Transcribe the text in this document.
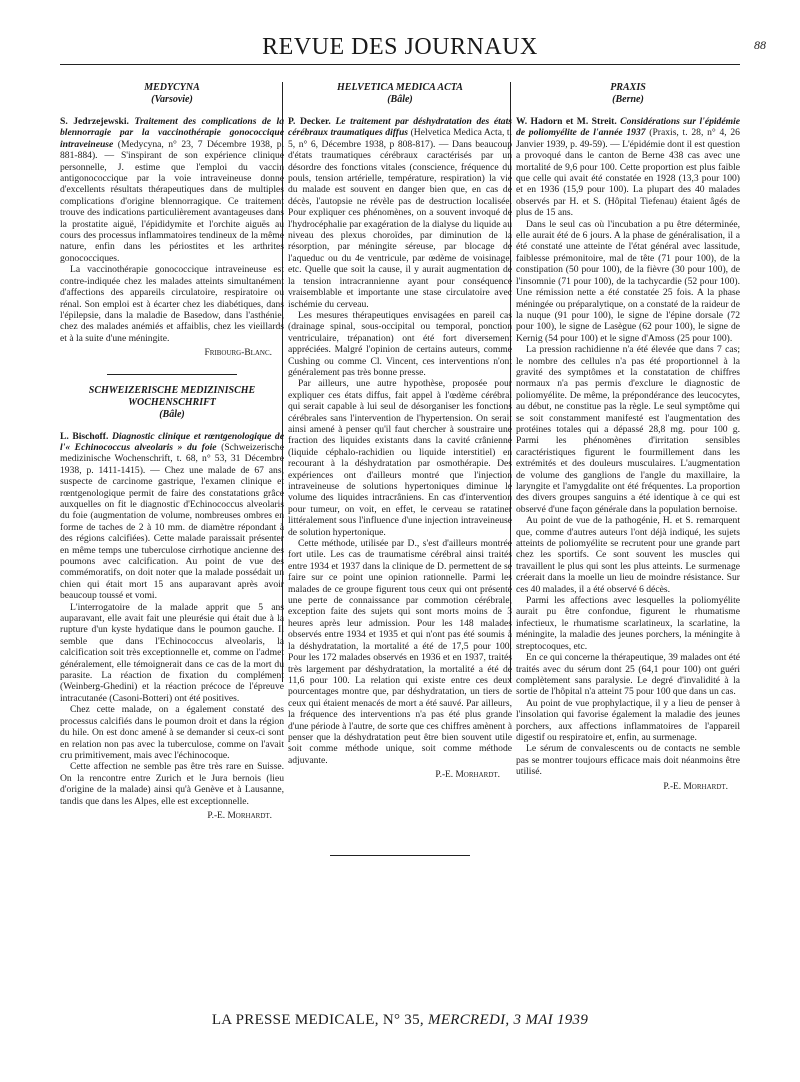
REVUE DES JOURNAUX	88
MEDYCYNA
(Varsovie)

S. Jedrzejewski. Traitement des complications de la blennorragie par la vaccinothérapie gonococcique intraveineuse (Medycyna, n° 23, 7 Décembre 1938, p. 881-884). — S'inspirant de son expérience clinique personnelle, J. estime que l'emploi du vaccin antigonococcique par la voie intraveineuse donne d'excellents résultats thérapeutiques dans de multiples complications d'origine blennorragique. Ce traitement trouve des indications particulièrement avantageuses dans la prostatite aiguë, l'épididymite et l'orchite aiguës au cours des processus inflammatoires tendineux de la même nature, enfin dans les périostites et les arthrites gonococciques.

La vaccinothérapie gonococcique intraveineuse est contre-indiquée chez les malades atteints simultanément d'affections des appareils circulatoire, respiratoire ou rénal. Son emploi est à écarter chez les diabétiques, dans l'épilepsie, dans la maladie de Basedow, dans l'asthénie, chez des malades anémiés et affaiblis, chez les vieillards et à la suite d'une méningite.

Fribourg-Blanc.
SCHWEIZERISCHE MEDIZINISCHE WOCHENSCHRIFT
(Bâle)

L. Bischoff. Diagnostic clinique et rœntgenologique de l'« Echinococcus alveolaris » du foie (Schweizerische medizinische Wochenschrift, t. 68, n° 53, 31 Décembre 1938, p. 1411-1415). — Chez une malade de 67 ans, suspecte de carcinome gastrique, l'examen clinique et rœntgenologique permit de faire des constatations grâce auxquelles on fit le diagnostic d'Echinococcus alveolaris du foie (augmentation de volume, nombreuses ombres en forme de taches de 2 à 10 mm. de diamètre répondant à des régions calcifiées). Cette malade paraissait présenter en même temps une tuberculose cirrhotique ancienne des poumons avec calcification. Au point de vue des commémoratifs, on doit noter que la malade possédait un chien qui était mort 15 ans auparavant après avoir beaucoup toussé et vomi.

L'interrogatoire de la malade apprit que 5 ans auparavant, elle avait fait une pleurésie qui était due à la rupture d'un kyste hydatique dans le poumon gauche. Il semble que dans l'Echinococcus alveolaris, la calcification soit très exceptionnelle et, comme on l'admet généralement, elle témoignerait dans ce cas de la mort du parasite. La réaction de fixation du complément (Weinberg-Ghedini) et la réaction précoce de l'épreuve intracutanée (Casoni-Botteri) ont été positives.

Chez cette malade, on a également constaté des processus calcifiés dans le poumon droit et dans la région du hile. On est donc amené à se demander si ceux-ci sont en relation non pas avec la tuberculose, comme on l'avait cru primitivement, mais avec l'échinocoque.

Cette affection ne semble pas être très rare en Suisse. On la rencontre entre Zurich et le Jura bernois (lieu d'origine de la malade) ainsi qu'à Genève et à Lausanne, tandis que dans les Alpes, elle est exceptionnelle.

P.-E. Morhardt.
HELVETICA MEDICA ACTA
(Bâle)

P. Decker. Le traitement par déshydratation des états cérébraux traumatiques diffus (Helvetica Medica Acta, t. 5, n° 6, Décembre 1938, p 808-817). — Dans beaucoup d'états traumatiques cérébraux caractérisés par un désordre des fonctions vitales (conscience, fréquence du pouls, tension artérielle, température, respiration) la vie du malade est souvent en danger bien que, en cas de décès, l'autopsie ne révèle pas de destruction localisée. Pour expliquer ces phénomènes, on a souvent invoqué de l'hydrocéphalie par exagération de la dialyse du liquide au niveau des plexus choroïdes, par diminution de la résorption, par méningite séreuse, par blocage de l'aqueduc ou du 4e ventricule, par œdème de voisinage, etc. Quelle que soit la cause, il y aurait augmentation de la tension intracrannienne ayant pour conséquence vraisemblable et importante une stase circulatoire avec ischémie du cerveau.

Les mesures thérapeutiques envisagées en pareil cas (drainage spinal, sous-occipital ou temporal, ponction ventriculaire, trépanation) ont été fort diversement appréciées. Malgré l'opinion de certains auteurs, comme Cushing ou comme Cl. Vincent, ces interventions n'ont généralement pas très bonne presse.

Par ailleurs, une autre hypothèse, proposée pour expliquer ces états diffus, fait appel à l'œdème cérébral qui serait capable à lui seul de désorganiser les fonctions cérébrales sans l'intervention de l'hypertension. On serait ainsi amené à penser qu'il faut chercher à soustraire une fraction des liquides existants dans la cavité crânienne (liquide céphalo-rachidien ou liquide interstitiel) en recourant à la déshydratation par osmothérapie. Des expériences ont d'ailleurs montré que l'injection intraveineuse de solutions hypertoniques diminue le volume des liquides intracrâniens. En cas d'intervention pour tumeur, on voit, en effet, le cerveau se ratatiner littéralement sous l'influence d'une injection intraveineuse de solution hypertonique.

Cette méthode, utilisée par D., s'est d'ailleurs montrée fort utile. Les cas de traumatisme cérébral ainsi traités entre 1934 et 1937 dans la clinique de D. permettent de se faire sur ce point une opinion rationnelle. Parmi les malades de ce groupe figurent tous ceux qui ont présenté une perte de connaissance par commotion cérébrale, exception faite des sujets qui sont morts moins de 3 heures après leur admission. Pour les 148 malades observés entre 1934 et 1935 et qui n'ont pas été soumis à la déshydratation, la mortalité a été de 17,5 pour 100. Pour les 172 malades observés en 1936 et en 1937, traités très largement par déshydratation, la mortalité a été de 11,6 pour 100. La relation qui existe entre ces deux pourcentages montre que, par déshydratation, un tiers de ceux qui étaient menacés de mort a été sauvé. Par ailleurs, la fréquence des interventions n'a pas été plus grande d'une période à l'autre, de sorte que ces chiffres amènent à penser que la déshydratation peut être bien souvent utile soit comme méthode unique, soit comme méthode adjuvante.

P.-E. Morhardt.
PRAXIS
(Berne)

W. Hadorn et M. Streit. Considérations sur l'épidémie de poliomyélite de l'année 1937 (Praxis, t. 28, n° 4, 26 Janvier 1939, p. 49-59). — L'épidémie dont il est question a provoqué dans le canton de Berne 438 cas avec une mortalité de 9,6 pour 100. Cette proportion est plus faible que celle qui avait été constatée en 1928 (13,3 pour 100) et en 1936 (15,9 pour 100). La plupart des 40 malades observés par H. et S. (Hôpital Tiefenau) étaient âgés de plus de 15 ans.

Dans le seul cas où l'incubation a pu être déterminée, elle aurait été de 6 jours. A la phase de généralisation, il a été constaté une atteinte de l'état général avec lassitude, faiblesse prémonitoire, mal de tête (71 pour 100), de la constipation (50 pour 100), de la fièvre (30 pour 100), de l'insomnie (71 pour 100), de la tachycardie (52 pour 100). Une rémission nette a été constatée 25 fois. A la phase méningée ou préparalytique, on a constaté de la raideur de la nuque (91 pour 100), le signe de l'épine dorsale (72 pour 100), le signe de Lasègue (62 pour 100), le signe de Kernig (54 pour 100) et le signe d'Amoss (25 pour 100).

La pression rachidienne n'a été élevée que dans 7 cas; le nombre des cellules n'a pas été proportionnel à la gravité des symptômes et la constatation de chiffres normaux n'a pas permis d'exclure le diagnostic de poliomyélite. De même, la prépondérance des leucocytes, au début, ne constitue pas la règle. Le seul symptôme qui se soit constamment manifesté est l'augmentation des protéines totales qui a dépassé 28,8 mg. pour 100 g. Parmi les phénomènes d'irritation sensibles caractéristiques figurent le fourmillement dans les extrémités et des douleurs musculaires. L'augmentation de volume des ganglions de l'angle du maxillaire, la laryngite et l'amygdalite ont été fréquentes. La proportion des divers groupes sanguins a été identique à ce qui est observé d'une façon générale dans la population bernoise.

Au point de vue de la pathogénie, H. et S. remarquent que, comme d'autres auteurs l'ont déjà indiqué, les sujets atteints de poliomyélite se recrutent pour une grande part chez les sportifs. Ce sont souvent les muscles qui travaillent le plus qui sont les plus atteints. Le surmenage créerait dans la moelle un lieu de moindre résistance. Sur ces 40 malades, il a été observé 6 décès.

Parmi les affections avec lesquelles la poliomyélite aurait pu être confondue, figurent le rhumatisme infectieux, le rhumatisme scarlatineux, la scarlatine, la méningite, la maladie des jeunes porchers, la méningite à streptocoques, etc.

En ce qui concerne la thérapeutique, 39 malades ont été traités avec du sérum dont 25 (64,1 pour 100) ont guéri complètement sans paralysie. Le degré d'invalidité à la sortie de l'hôpital n'a atteint 75 pour 100 que dans un cas.

Au point de vue prophylactique, il y a lieu de penser à l'insolation qui favorise également la maladie des jeunes porchers, aux affections inflammatoires de l'appareil digestif ou respiratoire et, enfin, au surmenage.

Le sérum de convalescents ou de contacts ne semble pas se montrer toujours efficace mais doit néanmoins être utilisé.

P.-E. Morhardt.
LA PRESSE MEDICALE, N° 35, MERCREDI, 3 MAI 1939
